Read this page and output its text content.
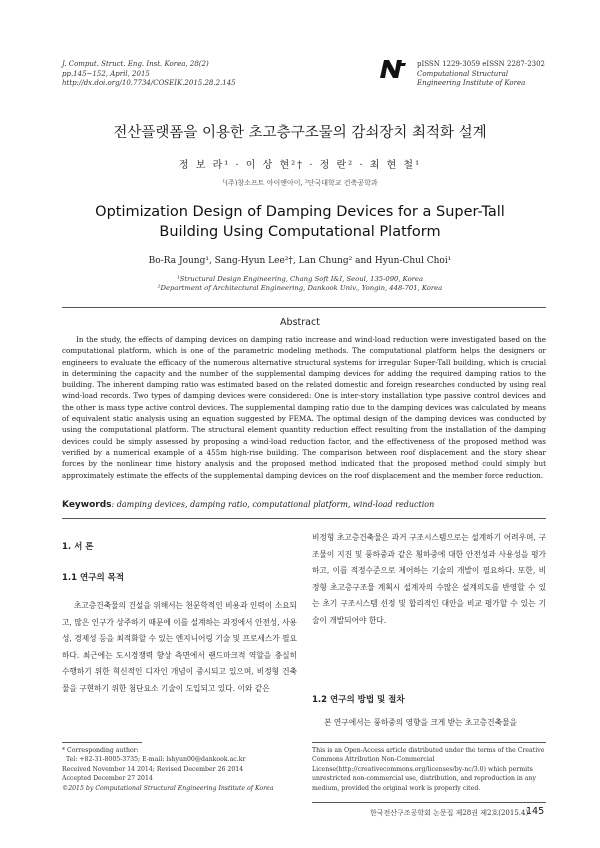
J. Comput. Struct. Eng. Inst. Korea, 28(2)
pp.145~152, April, 2015
http://dx.doi.org/10.7734/COSEIK.2015.28.2.145
pISSN 1229-3059 eISSN 2287-2302
Computational Structural
Engineering Institute of Korea
전산플랫폼을 이용한 초고층구조물의 감쇠장치 최적화 설계
정 보 라¹ · 이 상 현²† · 정 란² · 최 현 철¹
¹(주)창소프트 아이앤아이, ²단국대학교 건축공학과
Optimization Design of Damping Devices for a Super-Tall
Building Using Computational Platform
Bo-Ra Joung¹, Sang-Hyun Lee²†, Lan Chung² and Hyun-Chul Choi¹
¹Structural Design Engineering, Chang Soft I&I, Seoul, 135-090, Korea
²Department of Architectural Engineering, Dankook Univ., Yongin, 448-701, Korea
Abstract
In the study, the effects of damping devices on damping ratio increase and wind-load reduction were investigated based on the computational platform, which is one of the parametric modeling methods. The computational platform helps the designers or engineers to evaluate the efficacy of the numerous alternative structural systems for irregular Super-Tall building, which is crucial in determining the capacity and the number of the supplemental damping devices for adding the required damping ratios to the building. The inherent damping ratio was estimated based on the related domestic and foreign researches conducted by using real wind-load records. Two types of damping devices were considered: One is inter-story installation type passive control devices and the other is mass type active control devices. The supplemental damping ratio due to the damping devices was calculated by means of equivalent static analysis using an equation suggested by FEMA. The optimal design of the damping devices was conducted by using the computational platform. The structural element quantity reduction effect resulting from the installation of the damping devices could be simply assessed by proposing a wind-load reduction factor, and the effectiveness of the proposed method was verified by a numerical example of a 455m high-rise building. The comparison between roof displacement and the story shear forces by the nonlinear time history analysis and the proposed method indicated that the proposed method could simply but approximately estimate the effects of the supplemental damping devices on the roof displacement and the member force reduction.
Keywords: damping devices, damping ratio, computational platform, wind-load reduction
1. 서 론
1.1 연구의 목적
초고층건축물의 건설을 위해서는 천문학적인 비용과 인력이 소요되고, 많은 인구가 상주하기 때문에 이를 설계하는 과정에서 안전성, 사용성, 경제성 등을 최적화할 수 있는 엔지니어링 기술 및 프로세스가 필요하다. 최근에는 도시경쟁력 향상 측면에서 랜드마크적 역할을 충실히 수행하기 위한 혁신적인 디자인 개념이 중시되고 있으며, 비정형 건축물을 구현하기 위한 첨단요소 기술이 도입되고 있다. 이와 같은
비정형 초고층건축물은 과거 구조시스템으로는 설계하기 어려우며, 구조물이 지진 및 풍하중과 같은 횡하중에 대한 안전성과 사용성을 평가하고, 이를 적정수준으로 제어하는 기술의 개발이 필요하다. 또한, 비정형 초고층구조물 계획시 설계자의 수많은 설계의도를 반영할 수 있는 초기 구조시스템 선정 및 합리적인 대안을 비교 평가할 수 있는 기술이 개발되어야 한다.
1.2 연구의 방법 및 절차
본 연구에서는 풍하중의 영향을 크게 받는 초고층건축물을
* Corresponding author:
Tel: +82-31-8005-3735; E-mail: lshyun00@dankook.ac.kr
Received November 14 2014; Revised December 26 2014
Accepted December 27 2014
©2015 by Computational Structural Engineering Institute of Korea
This is an Open-Access article distributed under the terms of the Creative Commons Attribution Non-Commercial License(http://creativecommons.org/licenses/by-nc/3.0) which permits unrestricted non-commercial use, distribution, and reproduction in any medium, provided the original work is properly cited.
한국전산구조공학회 논문집 제28권 제2호(2015.4)
145
